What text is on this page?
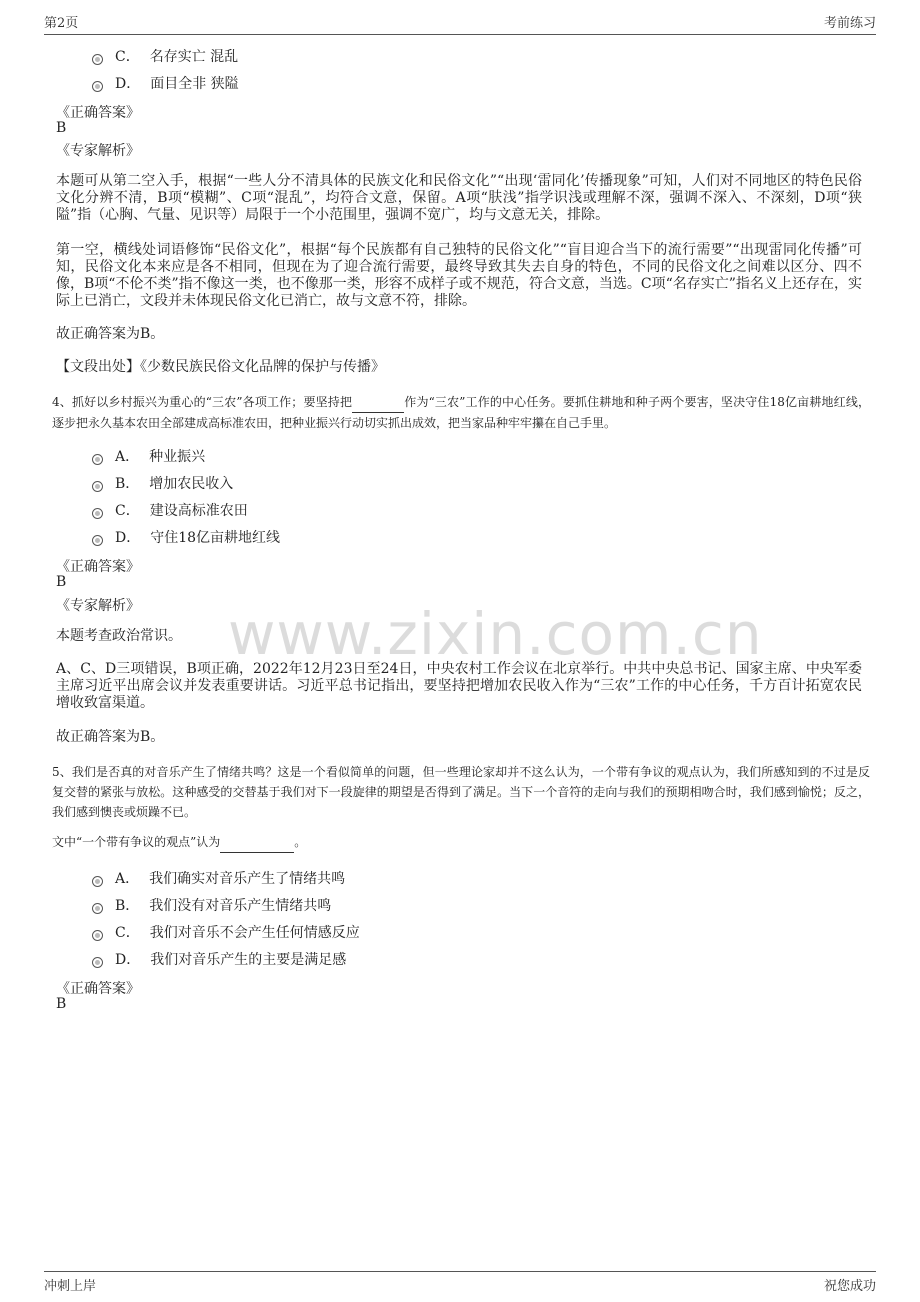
第2页	考前练习
www.zixin.com.cn
C． 名存实亡 混乱
D． 面目全非 狭隘
《正确答案》
B
《专家解析》
本题可从第二空入手，根据“一些人分不清具体的民族文化和民俗文化”“出现‘雷同化’传播现象”可知，人们对不同地区的特色民俗文化分辨不清，B项“模糊”、C项“混乱”，均符合文意，保留。A项“肤浅”指学识浅或理解不深，强调不深入、不深刻，D项“狭隘”指（心胸、气量、见识等）局限于一个小范围里，强调不宽广，均与文意无关，排除。
第一空，横线处词语修饰“民俗文化”，根据“每个民族都有自己独特的民俗文化”“盲目迎合当下的流行需要”“出现雷同化传播”可知，民俗文化本来应是各不相同，但现在为了迎合流行需要，最终导致其失去自身的特色，不同的民俗文化之间难以区分、四不像，B项“不伦不类”指不像这一类，也不像那一类，形容不成样子或不规范，符合文意，当选。C项“名存实亡”指名义上还存在，实际上已消亡，文段并未体现民俗文化已消亡，故与文意不符，排除。
故正确答案为B。
【文段出处】《少数民族民俗文化品牌的保护与传播》
4、抓好以乡村振兴为重心的“三农”各项工作；要坚持把	作为“三农”工作的中心任务。要抓住耕地和种子两个要害，坚决守住18亿亩耕地红线，逐步把永久基本农田全部建成高标准农田，把种业振兴行动切实抓出成效，把当家品种牢牢攥在自己手里。
A． 种业振兴
B． 增加农民收入
C． 建设高标准农田
D． 守住18亿亩耕地红线
《正确答案》
B
《专家解析》
本题考查政治常识。
A、C、D三项错误，B项正确，2022年12月23日至24日，中央农村工作会议在北京举行。中共中央总书记、国家主席、中央军委主席习近平出席会议并发表重要讲话。习近平总书记指出，要坚持把增加农民收入作为“三农”工作的中心任务，千方百计拓宽农民增收致富渠道。
故正确答案为B。
5、我们是否真的对音乐产生了情绪共鸣？这是一个看似简单的问题，但一些理论家却并不这么认为，一个带有争议的观点认为，我们所感知到的不过是反复交替的紧张与放松。这种感受的交替基于我们对下一段旋律的期望是否得到了满足。当下一个音符的走向与我们的预期相吻合时，我们感到愉悦；反之，我们感到懊丧或烦躁不已。
文中“一个带有争议的观点”认为	。
A． 我们确实对音乐产生了情绪共鸣
B． 我们没有对音乐产生情绪共鸣
C． 我们对音乐不会产生任何情感反应
D． 我们对音乐产生的主要是满足感
《正确答案》
B
冲刺上岸	祝您成功
